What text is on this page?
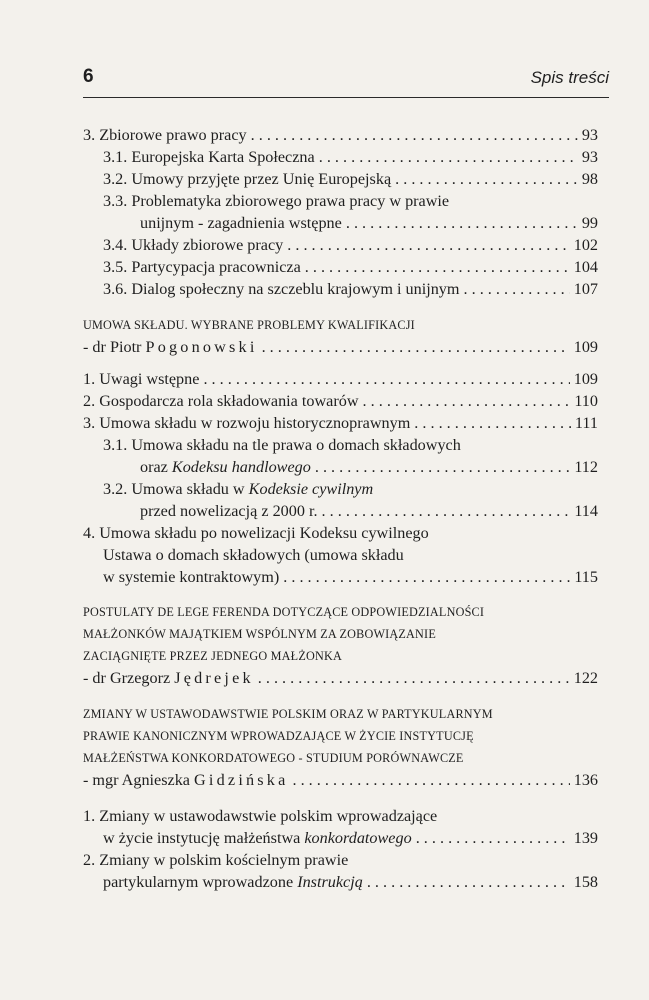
6	Spis treści
3. Zbiorowe prawo pracy . . .	93
3.1. Europejska Karta Społeczna . . .	93
3.2. Umowy przyjęte przez Unię Europejską . . .	98
3.3. Problematyka zbiorowego prawa pracy w prawie
unijnym - zagadnienia wstępne . . .	99
3.4. Układy zbiorowe pracy . . .	102
3.5. Partycypacja pracownicza . . .	104
3.6. Dialog społeczny na szczeblu krajowym i unijnym . . .	107
UMOWA SKŁADU. WYBRANE PROBLEMY KWALIFIKACJI
- dr Piotr Pogonowski . . .	109
1. Uwagi wstępne . . .	109
2. Gospodarcza rola składowania towarów . . .	110
3. Umowa składu w rozwoju historycznoprawnym . . .	111
3.1. Umowa składu na tle prawa o domach składowych
oraz Kodeksu handlowego . . .	112
3.2. Umowa składu w Kodeksie cywilnym
przed nowelizacją z 2000 r. . . .	114
4. Umowa składu po nowelizacji Kodeksu cywilnego
Ustawa o domach składowych (umowa składu
w systemie kontraktowym) . . .	115
POSTULATY DE LEGE FERENDA DOTYCZĄCE ODPOWIEDZIALNOŚCI
MAŁŻONKÓW MAJĄTKIEM WSPÓLNYM ZA ZOBOWIĄZANIE
ZACIĄGNIĘTE PRZEZ JEDNEGO MAŁŻONKA
- dr Grzegorz Jędrejek . . .	122
ZMIANY W USTAWODAWSTWIE POLSKIM ORAZ W PARTYKULARNYM
PRAWIE KANONICZNYM WPROWADZAJĄCE W ŻYCIE INSTYTUCJĘ
MAŁŻEŃSTWA KONKORDATOWEGO - STUDIUM PORÓWNAWCZE
- mgr Agnieszka Gidzińska . . .	136
1. Zmiany w ustawodawstwie polskim wprowadzające
w życie instytucję małżeństwa konkordatowego . . .	139
2. Zmiany w polskim kościelnym prawie
partykularnym wprowadzone Instrukcją . . .	158
